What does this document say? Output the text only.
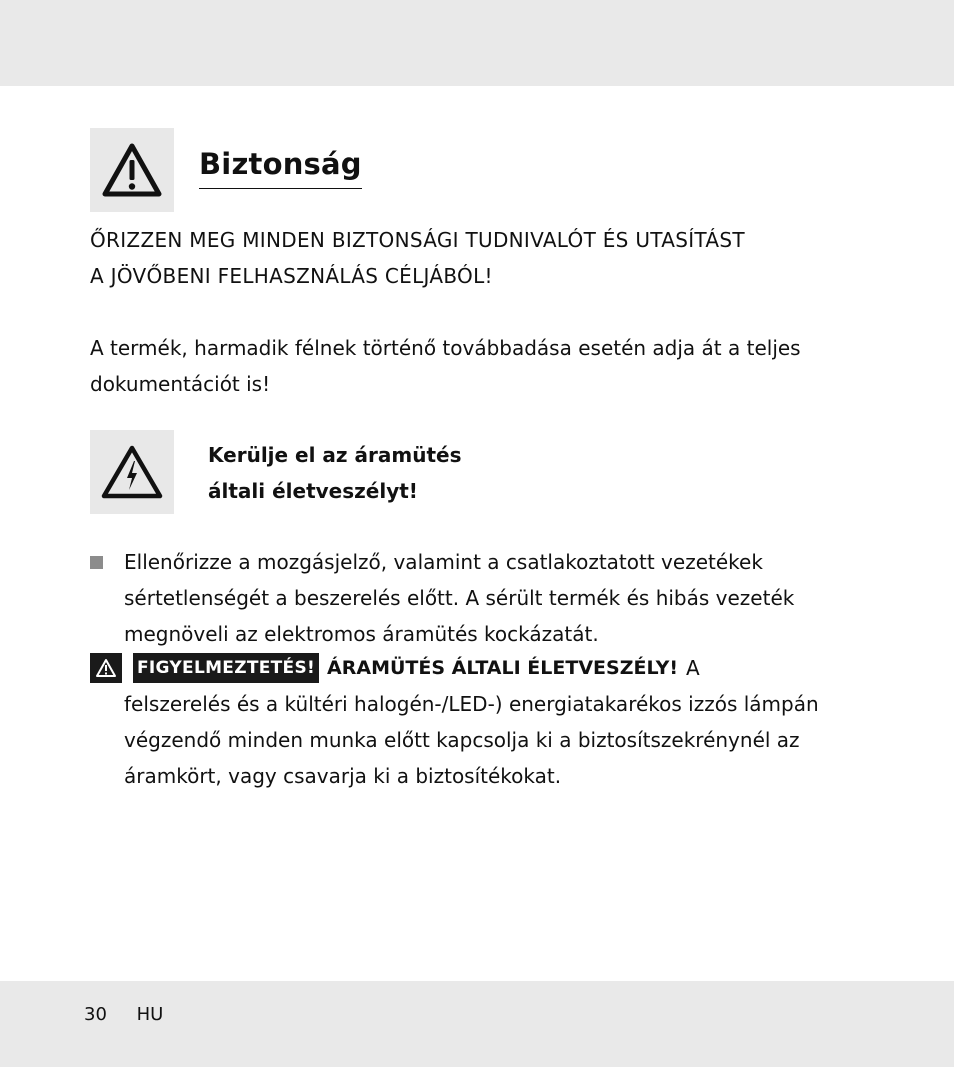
Biztonság
ŐRIZZEN MEG MINDEN BIZTONSÁGI TUDNIVALÓT ÉS UTASÍTÁST
A JÖVŐBENI FELHASZNÁLÁS CÉLJÁBÓL!
A termék, harmadik félnek történő továbbadása esetén adja át a teljes
dokumentációt is!
Kerülje el az áramütés
általi életveszélyt!
Ellenőrizze a mozgásjelző, valamint a csatlakoztatott vezetékek
sértetlenségét a beszerelés előtt. A sérült termék és hibás vezeték
megnöveli az elektromos áramütés kockázatát.
FIGYELMEZTETÉS! ÁRAMÜTÉS ÁLTALI ÉLETVESZÉLY! A
felszerelés és a kültéri halogén-/LED-) energiatakarékos izzós lámpán
végzendő minden munka előtt kapcsolja ki a biztosítszekrénynél az
áramkört, vagy csavarja ki a biztosítékokat.
30 HU
